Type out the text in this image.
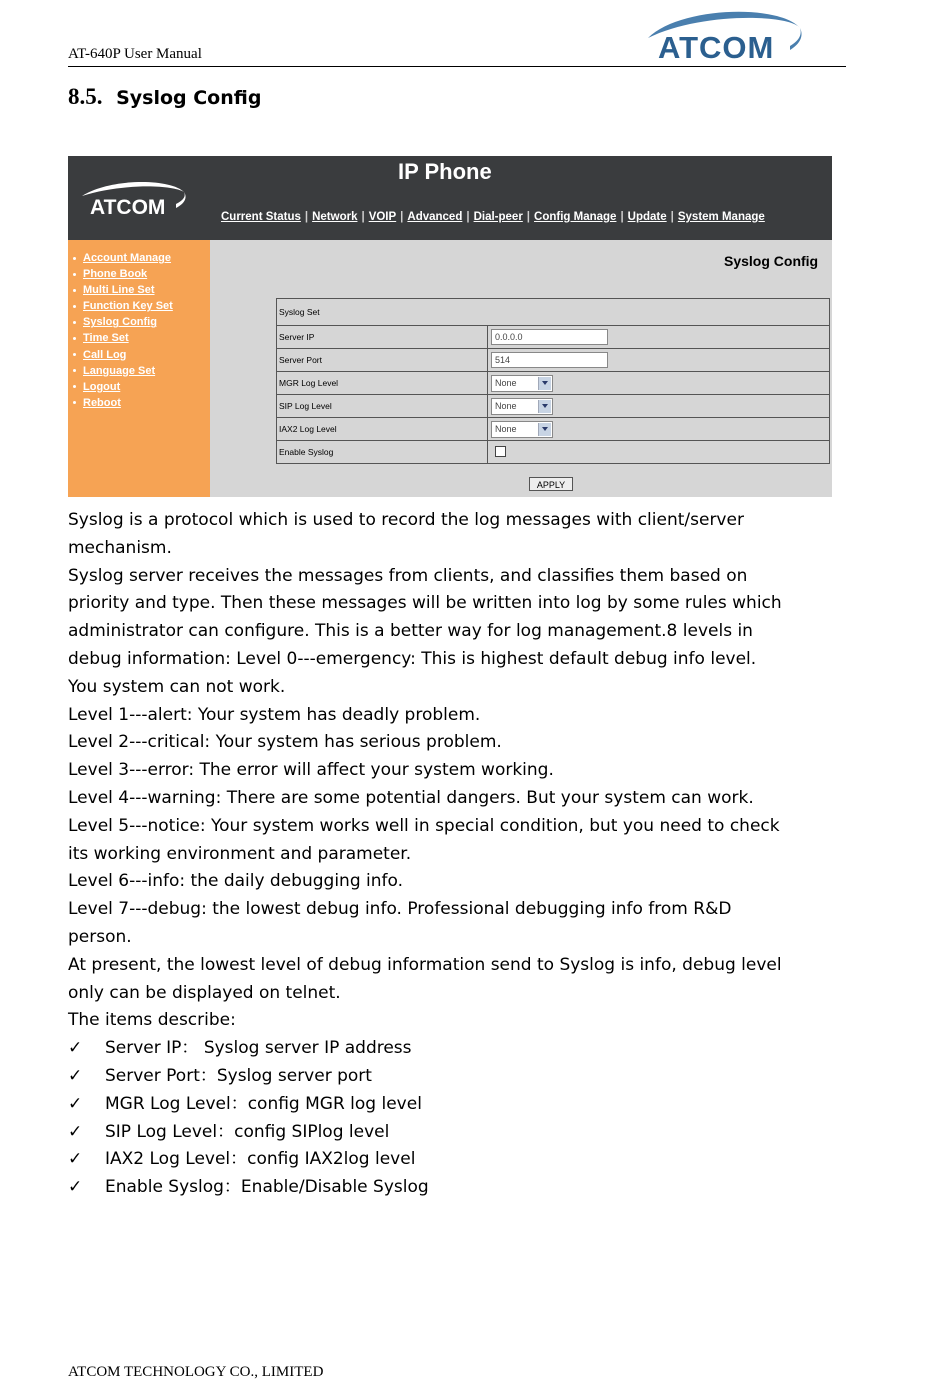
AT-640P User Manual	ATCOM
8.5. Syslog Config
ATCOM
IP Phone
Current Status | Network | VOIP | Advanced | Dial-peer | Config Manage | Update | System Manage
Account Manage
Phone Book
Multi Line Set
Function Key Set
Syslog Config
Time Set
Call Log
Language Set
Logout
Reboot
Syslog Config
Syslog Set
Server IP	0.0.0.0
Server Port	514
MGR Log Level	None
SIP Log Level	None
IAX2 Log Level	None
Enable Syslog
APPLY

Syslog is a protocol which is used to record the log messages with client/server

mechanism.

Syslog server receives the messages from clients, and classifies them based on

priority and type. Then these messages will be written into log by some rules which

administrator can configure. This is a better way for log management.8 levels in

debug information: Level 0---emergency: This is highest default debug info level.

You system can not work.

Level 1---alert: Your system has deadly problem.

Level 2---critical: Your system has serious problem.

Level 3---error: The error will affect your system working.

Level 4---warning: There are some potential dangers. But your system can work.

Level 5---notice: Your system works well in special condition, but you need to check

its working environment and parameter.

Level 6---info: the daily debugging info.

Level 7---debug: the lowest debug info. Professional debugging info from R&D

person.

At present, the lowest level of debug information send to Syslog is info, debug level

only can be displayed on telnet.

The items describe:

✓ Server IP： Syslog server IP address
✓ Server Port：Syslog server port
✓ MGR Log Level：config MGR log level
✓ SIP Log Level：config SIPlog level
✓ IAX2 Log Level：config IAX2log level
✓ Enable Syslog：Enable/Disable Syslog
ATCOM TECHNOLOGY CO., LIMITED
